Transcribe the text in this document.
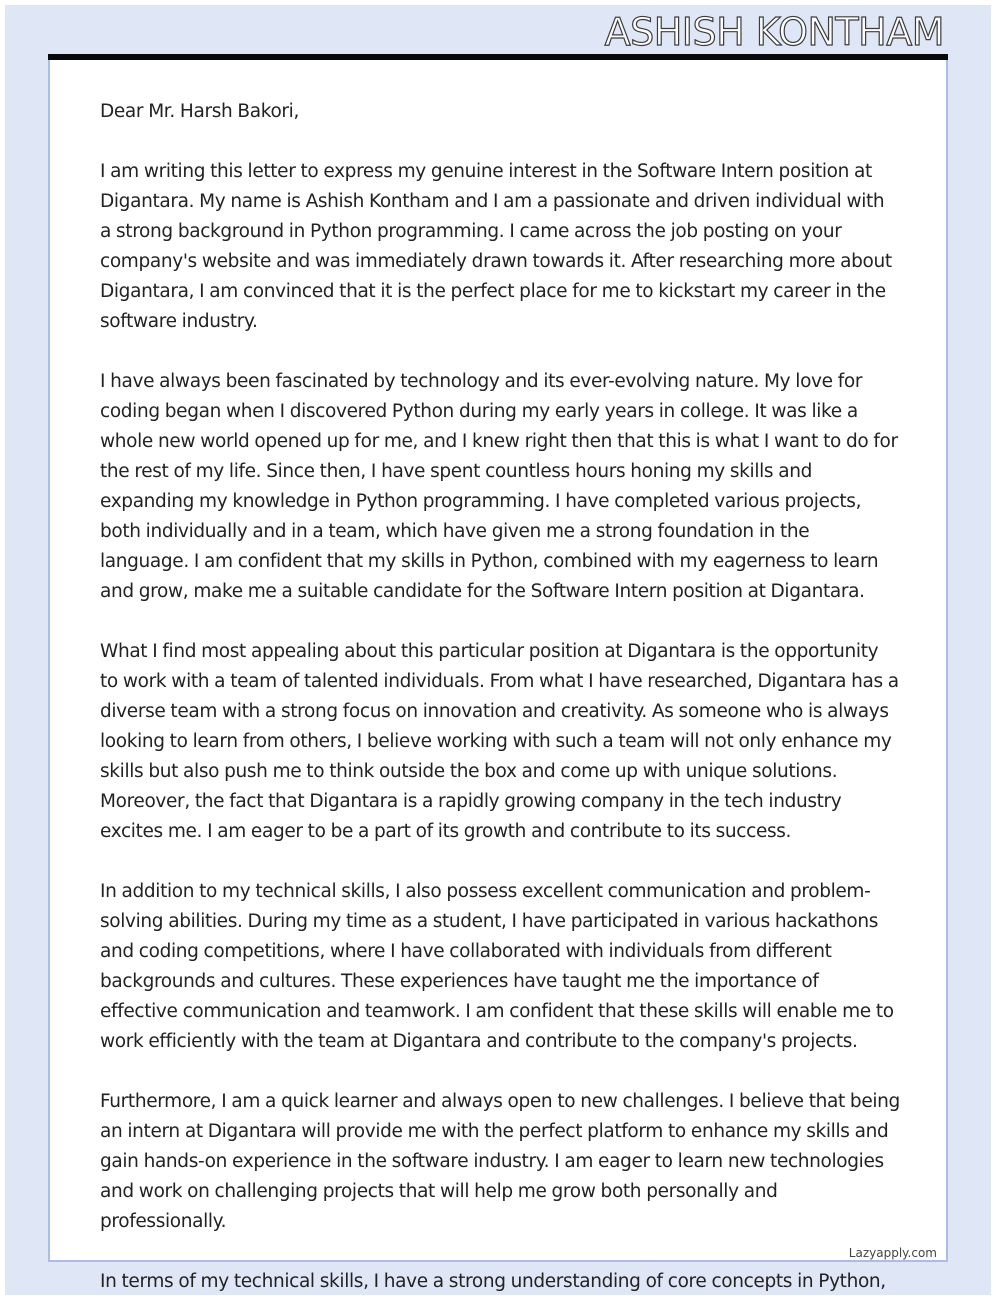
ASHISH KONTHAM

Dear Mr. Harsh Bakori,

I am writing this letter to express my genuine interest in the Software Intern position at Digantara. My name is Ashish Kontham and I am a passionate and driven individual with a strong background in Python programming. I came across the job posting on your company's website and was immediately drawn towards it. After researching more about Digantara, I am convinced that it is the perfect place for me to kickstart my career in the software industry.

I have always been fascinated by technology and its ever-evolving nature. My love for coding began when I discovered Python during my early years in college. It was like a whole new world opened up for me, and I knew right then that this is what I want to do for the rest of my life. Since then, I have spent countless hours honing my skills and expanding my knowledge in Python programming. I have completed various projects, both individually and in a team, which have given me a strong foundation in the language. I am confident that my skills in Python, combined with my eagerness to learn and grow, make me a suitable candidate for the Software Intern position at Digantara.

What I find most appealing about this particular position at Digantara is the opportunity to work with a team of talented individuals. From what I have researched, Digantara has a diverse team with a strong focus on innovation and creativity. As someone who is always looking to learn from others, I believe working with such a team will not only enhance my skills but also push me to think outside the box and come up with unique solutions. Moreover, the fact that Digantara is a rapidly growing company in the tech industry excites me. I am eager to be a part of its growth and contribute to its success.

In addition to my technical skills, I also possess excellent communication and problem-solving abilities. During my time as a student, I have participated in various hackathons and coding competitions, where I have collaborated with individuals from different backgrounds and cultures. These experiences have taught me the importance of effective communication and teamwork. I am confident that these skills will enable me to work efficiently with the team at Digantara and contribute to the company's projects.

Furthermore, I am a quick learner and always open to new challenges. I believe that being an intern at Digantara will provide me with the perfect platform to enhance my skills and gain hands-on experience in the software industry. I am eager to learn new technologies and work on challenging projects that will help me grow both personally and professionally.

Lazyapply.com
In terms of my technical skills, I have a strong understanding of core concepts in Python,
